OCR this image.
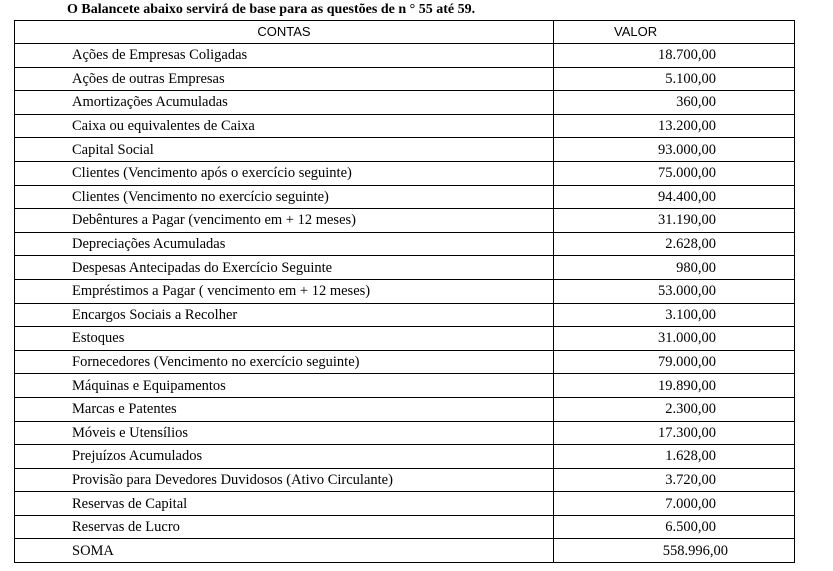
O Balancete abaixo servirá de base para as questões de n ° 55 até 59.
CONTAS	VALOR
Ações de Empresas Coligadas	18.700,00
Ações de outras Empresas	5.100,00
Amortizações Acumuladas	360,00
Caixa ou equivalentes de Caixa	13.200,00
Capital Social	93.000,00
Clientes (Vencimento após o exercício seguinte)	75.000,00
Clientes (Vencimento no exercício seguinte)	94.400,00
Debêntures a Pagar (vencimento em + 12 meses)	31.190,00
Depreciações Acumuladas	2.628,00
Despesas Antecipadas do Exercício Seguinte	980,00
Empréstimos a Pagar ( vencimento em + 12 meses)	53.000,00
Encargos Sociais a Recolher	3.100,00
Estoques	31.000,00
Fornecedores (Vencimento no exercício seguinte)	79.000,00
Máquinas e Equipamentos	19.890,00
Marcas e Patentes	2.300,00
Móveis e Utensílios	17.300,00
Prejuízos Acumulados	1.628,00
Provisão para Devedores Duvidosos (Ativo Circulante)	3.720,00
Reservas de Capital	7.000,00
Reservas de Lucro	6.500,00
SOMA	558.996,00
